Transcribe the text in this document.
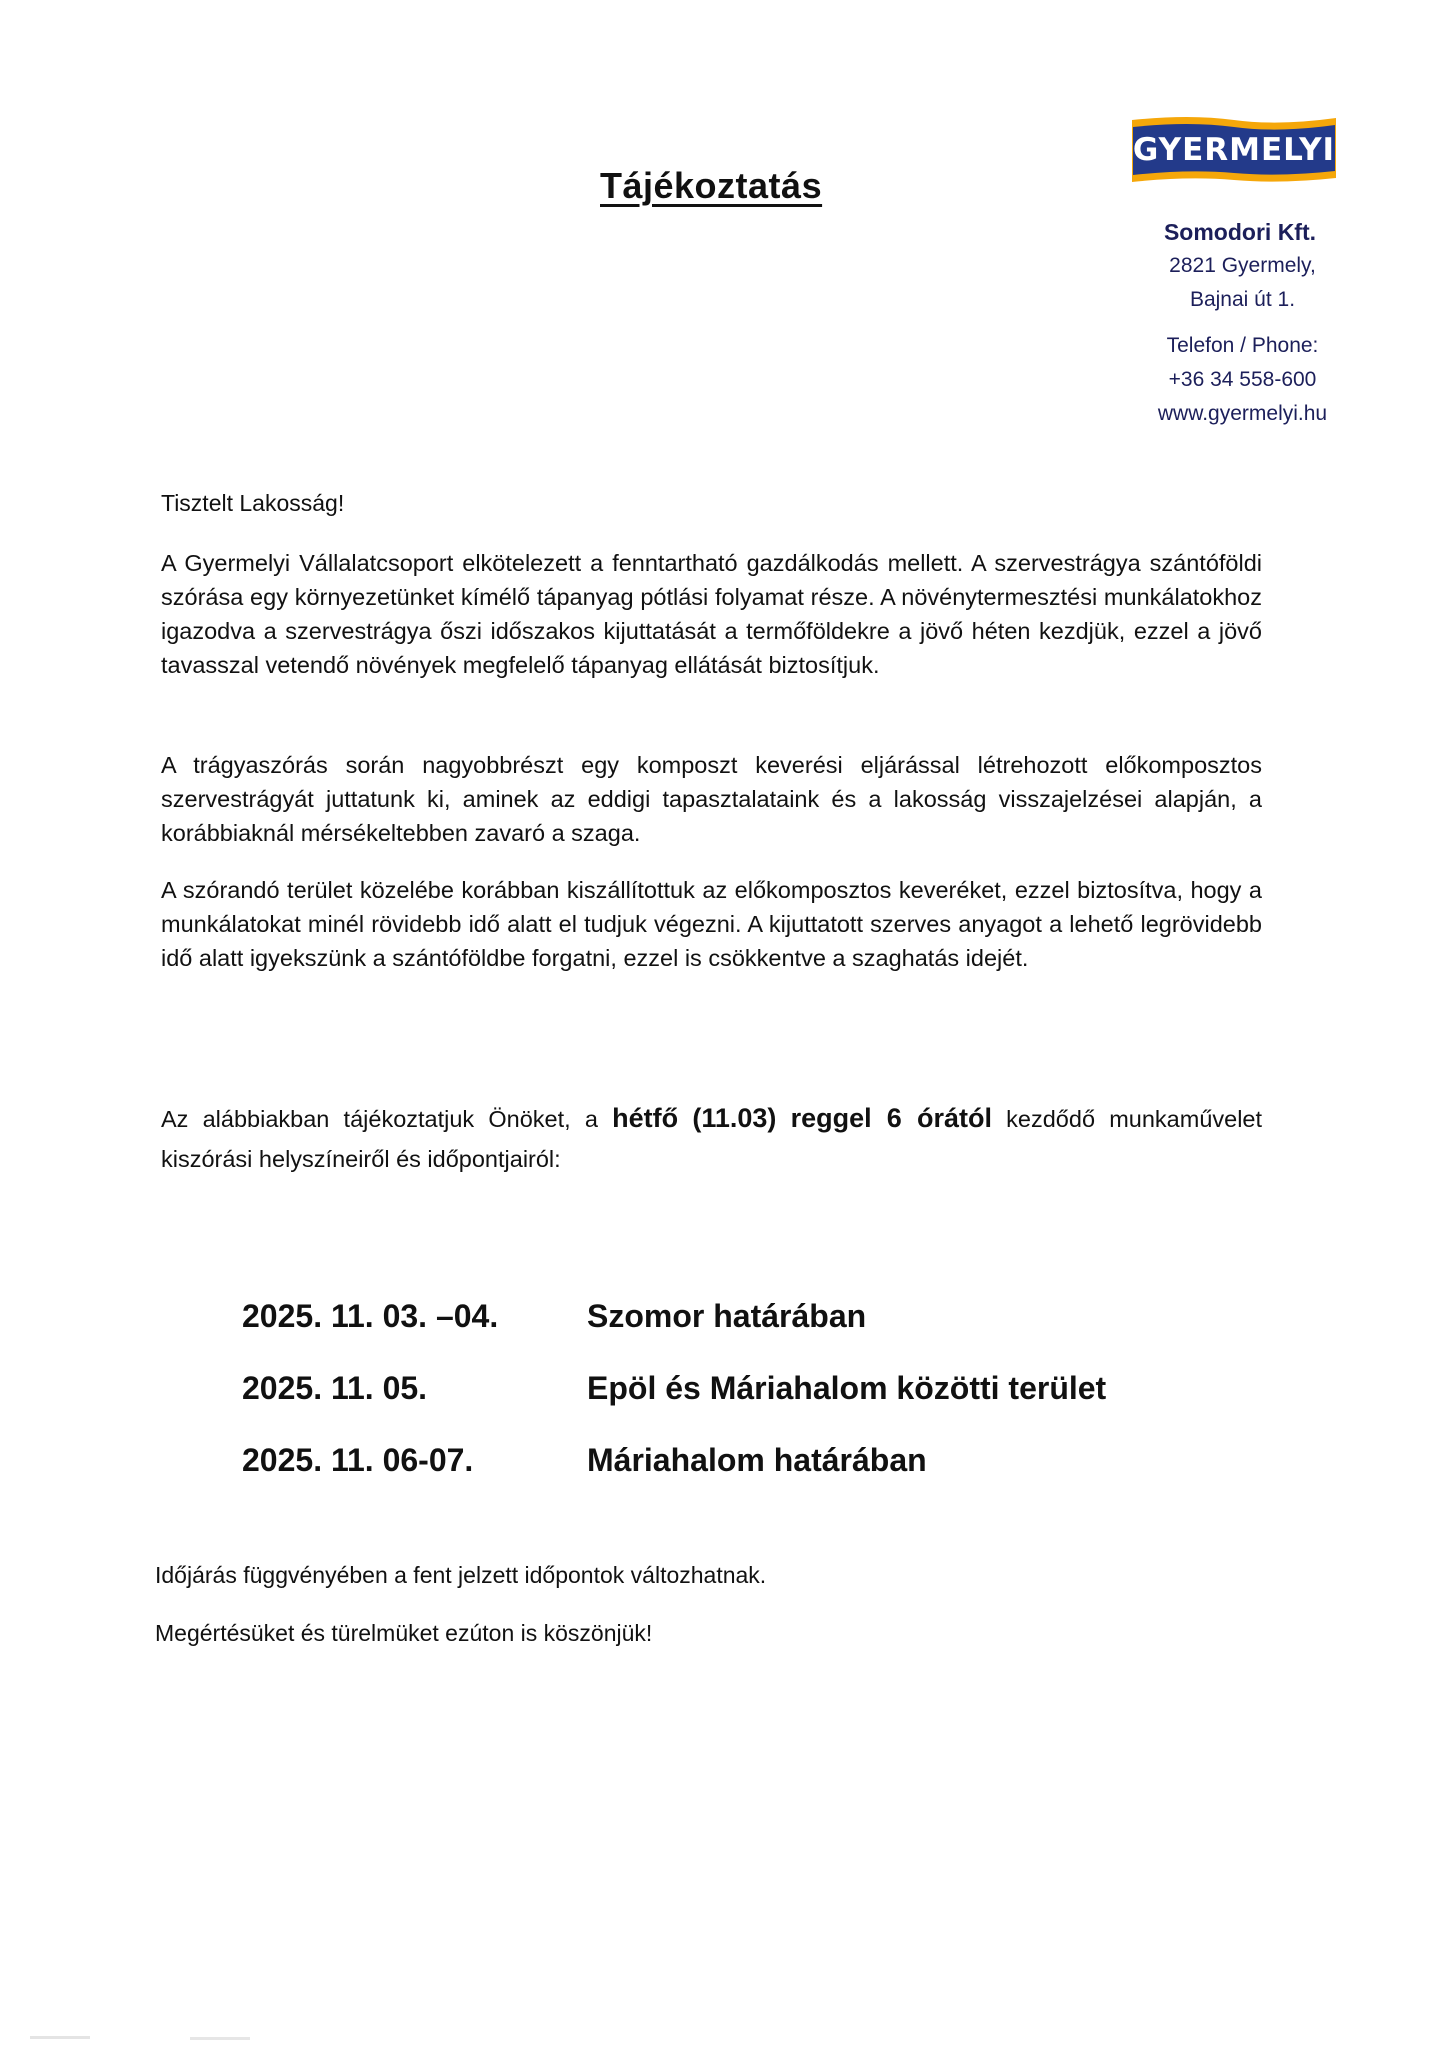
Tájékoztatás
GYERMELYI
Somodori Kft.
2821 Gyermely,
Bajnai út 1.
Telefon / Phone:
+36 34 558-600
www.gyermelyi.hu
Tisztelt Lakosság!
A Gyermelyi Vállalatcsoport elkötelezett a fenntartható gazdálkodás mellett. A szervestrágya szántóföldi szórása egy környezetünket kímélő tápanyag pótlási folyamat része. A növénytermesztési munkálatokhoz igazodva a szervestrágya őszi időszakos kijuttatását a termőföldekre a jövő héten kezdjük, ezzel a jövő tavasszal vetendő növények megfelelő tápanyag ellátását biztosítjuk.
A trágyaszórás során nagyobbrészt egy komposzt keverési eljárással létrehozott előkomposztos szervestrágyát juttatunk ki, aminek az eddigi tapasztalataink és a lakosság visszajelzései alapján, a korábbiaknál mérsékeltebben zavaró a szaga.
A szórandó terület közelébe korábban kiszállítottuk az előkomposztos keveréket, ezzel biztosítva, hogy a munkálatokat minél rövidebb idő alatt el tudjuk végezni. A kijuttatott szerves anyagot a lehető legrövidebb idő alatt igyekszünk a szántóföldbe forgatni, ezzel is csökkentve a szaghatás idejét.
Az alábbiakban tájékoztatjuk Önöket, a hétfő (11.03) reggel 6 órától kezdődő munkaművelet kiszórási helyszíneiről és időpontjairól:
2025. 11. 03. –04.	Szomor határában
2025. 11. 05.	Epöl és Máriahalom közötti terület
2025. 11. 06-07.	Máriahalom határában
Időjárás függvényében a fent jelzett időpontok változhatnak.
Megértésüket és türelmüket ezúton is köszönjük!
